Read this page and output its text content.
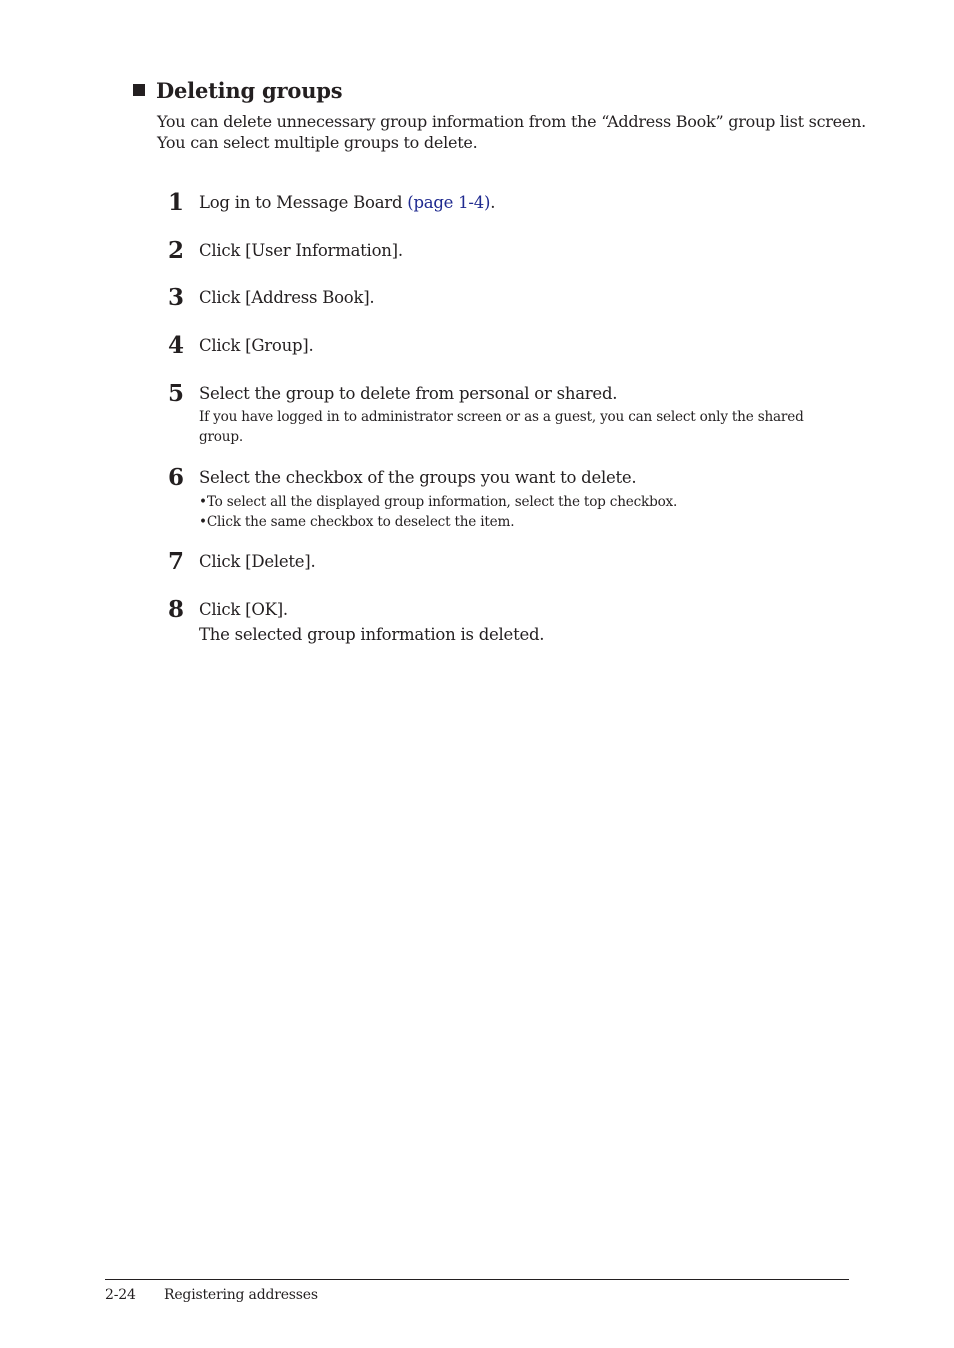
Deleting groups

You can delete unnecessary group information from the “Address Book” group list screen.

You can select multiple groups to delete.

1 Log in to Message Board (page 1-4).
2 Click [User Information].
3 Click [Address Book].
4 Click [Group].
5 Select the group to delete from personal or shared.
If you have logged in to administrator screen or as a guest, you can select only the shared group.
6 Select the checkbox of the groups you want to delete.
•To select all the displayed group information, select the top checkbox.
•Click the same checkbox to deselect the item.
7 Click [Delete].
8 Click [OK].
The selected group information is deleted.
2-24 Registering addresses
